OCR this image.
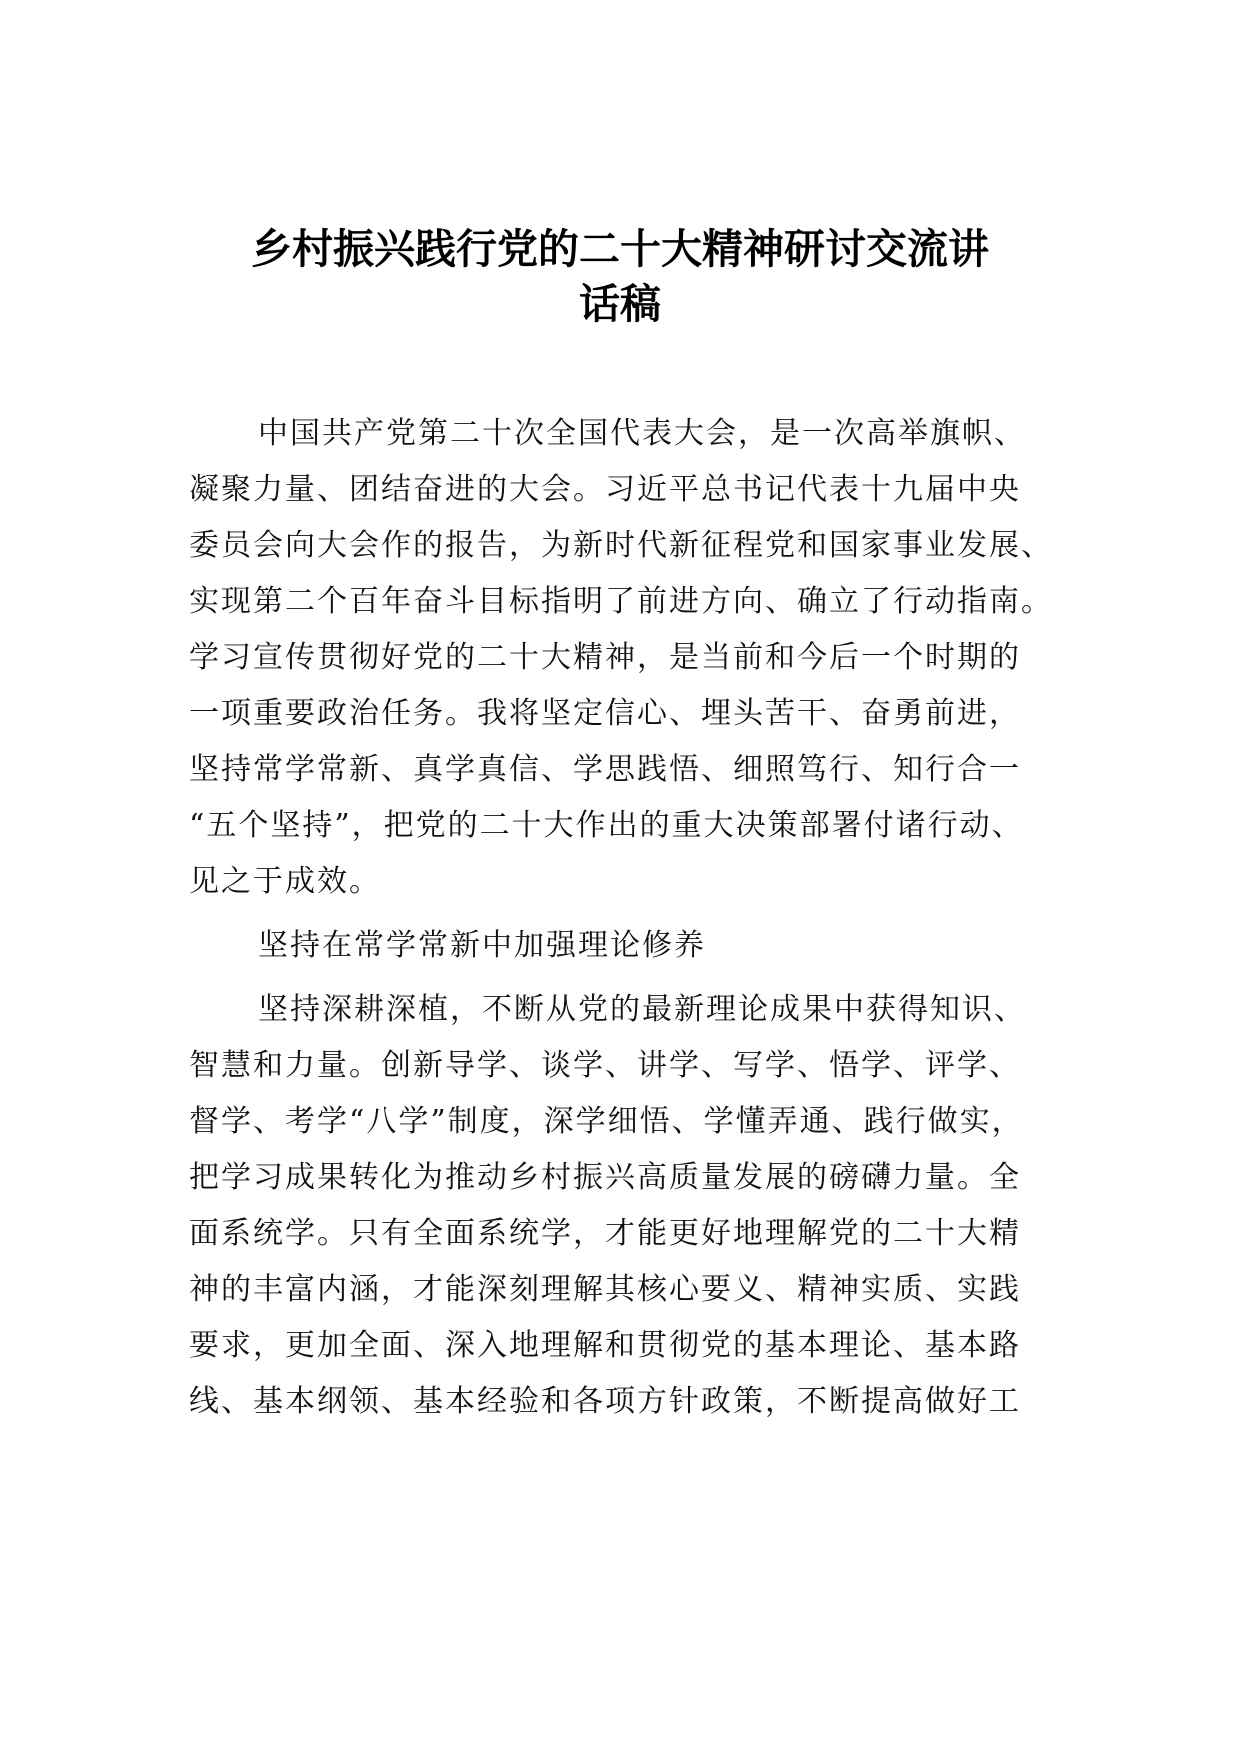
乡村振兴践行党的二十大精神研讨交流讲
话稿
中国共产党第二十次全国代表大会，是一次高举旗帜、
凝聚力量、团结奋进的大会。习近平总书记代表十九届中央
委员会向大会作的报告，为新时代新征程党和国家事业发展、
实现第二个百年奋斗目标指明了前进方向、确立了行动指南。
学习宣传贯彻好党的二十大精神，是当前和今后一个时期的
一项重要政治任务。我将坚定信心、埋头苦干、奋勇前进，
坚持常学常新、真学真信、学思践悟、细照笃行、知行合一
“五个坚持”，把党的二十大作出的重大决策部署付诸行动、
见之于成效。
坚持在常学常新中加强理论修养
坚持深耕深植，不断从党的最新理论成果中获得知识、
智慧和力量。创新导学、谈学、讲学、写学、悟学、评学、
督学、考学“八学”制度，深学细悟、学懂弄通、践行做实，
把学习成果转化为推动乡村振兴高质量发展的磅礴力量。全
面系统学。只有全面系统学，才能更好地理解党的二十大精
神的丰富内涵，才能深刻理解其核心要义、精神实质、实践
要求，更加全面、深入地理解和贯彻党的基本理论、基本路
线、基本纲领、基本经验和各项方针政策，不断提高做好工
